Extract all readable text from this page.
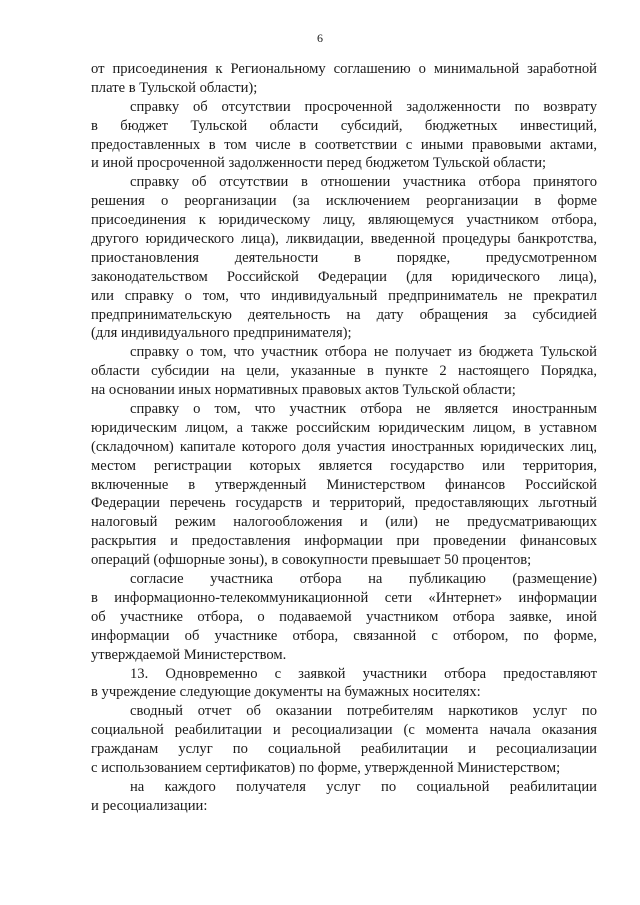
6
от присоединения к Региональному соглашению о минимальной заработной
плате в Тульской области);
справку об отсутствии просроченной задолженности по возврату
в бюджет Тульской области субсидий, бюджетных инвестиций,
предоставленных в том числе в соответствии с иными правовыми актами,
и иной просроченной задолженности перед бюджетом Тульской области;
справку об отсутствии в отношении участника отбора принятого
решения о реорганизации (за исключением реорганизации в форме
присоединения к юридическому лицу, являющемуся участником отбора,
другого юридического лица), ликвидации, введенной процедуры банкротства,
приостановления деятельности в порядке, предусмотренном
законодательством Российской Федерации (для юридического лица),
или справку о том, что индивидуальный предприниматель не прекратил
предпринимательскую деятельность на дату обращения за субсидией
(для индивидуального предпринимателя);
справку о том, что участник отбора не получает из бюджета Тульской
области субсидии на цели, указанные в пункте 2 настоящего Порядка,
на основании иных нормативных правовых актов Тульской области;
справку о том, что участник отбора не является иностранным
юридическим лицом, а также российским юридическим лицом, в уставном
(складочном) капитале которого доля участия иностранных юридических лиц,
местом регистрации которых является государство или территория,
включенные в утвержденный Министерством финансов Российской
Федерации перечень государств и территорий, предоставляющих льготный
налоговый режим налогообложения и (или) не предусматривающих
раскрытия и предоставления информации при проведении финансовых
операций (офшорные зоны), в совокупности превышает 50 процентов;
согласие участника отбора на публикацию (размещение)
в информационно-телекоммуникационной сети «Интернет» информации
об участнике отбора, о подаваемой участником отбора заявке, иной
информации об участнике отбора, связанной с отбором, по форме,
утверждаемой Министерством.
13. Одновременно с заявкой участники отбора предоставляют
в учреждение следующие документы на бумажных носителях:
сводный отчет об оказании потребителям наркотиков услуг по
социальной реабилитации и ресоциализации (с момента начала оказания
гражданам услуг по социальной реабилитации и ресоциализации
с использованием сертификатов) по форме, утвержденной Министерством;
на каждого получателя услуг по социальной реабилитации
и ресоциализации:
